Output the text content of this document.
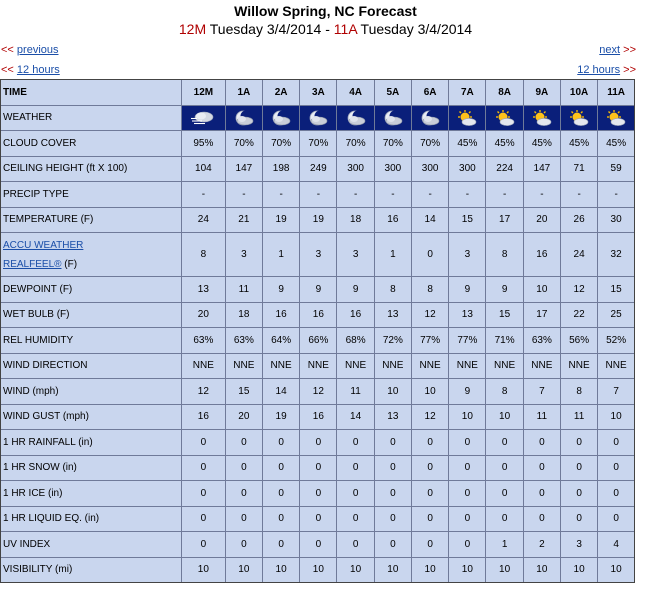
Willow Spring, NC Forecast
12M Tuesday 3/4/2014 - 11A Tuesday 3/4/2014
<< previous
<< 12 hours
next >>
12 hours >>
TIME	12M	1A	2A	3A	4A	5A	6A	7A	8A	9A	10A	11A
WEATHER	

CLOUD COVER	95%	70%	70%	70%	70%	70%	70%	45%	45%	45%	45%	45%
CEILING HEIGHT (ft X 100)	104	147	198	249	300	300	300	300	224	147	71	59
PRECIP TYPE	-	-	-	-	-	-	-	-	-	-	-	-
TEMPERATURE (F)	24	21	19	19	18	16	14	15	17	20	26	30
ACCU WEATHER
REALFEEL® (F)	8	3	1	3	3	1	0	3	8	16	24	32
DEWPOINT (F)	13	11	9	9	9	8	8	9	9	10	12	15
WET BULB (F)	20	18	16	16	16	13	12	13	15	17	22	25
REL HUMIDITY	63%	63%	64%	66%	68%	72%	77%	77%	71%	63%	56%	52%
WIND DIRECTION	NNE	NNE	NNE	NNE	NNE	NNE	NNE	NNE	NNE	NNE	NNE	NNE
WIND (mph)	12	15	14	12	11	10	10	9	8	7	8	7
WIND GUST (mph)	16	20	19	16	14	13	12	10	10	11	11	10
1 HR RAINFALL (in)	0	0	0	0	0	0	0	0	0	0	0	0
1 HR SNOW (in)	0	0	0	0	0	0	0	0	0	0	0	0
1 HR ICE (in)	0	0	0	0	0	0	0	0	0	0	0	0
1 HR LIQUID EQ. (in)	0	0	0	0	0	0	0	0	0	0	0	0
UV INDEX	0	0	0	0	0	0	0	0	1	2	3	4
VISIBILITY (mi)	10	10	10	10	10	10	10	10	10	10	10	10
